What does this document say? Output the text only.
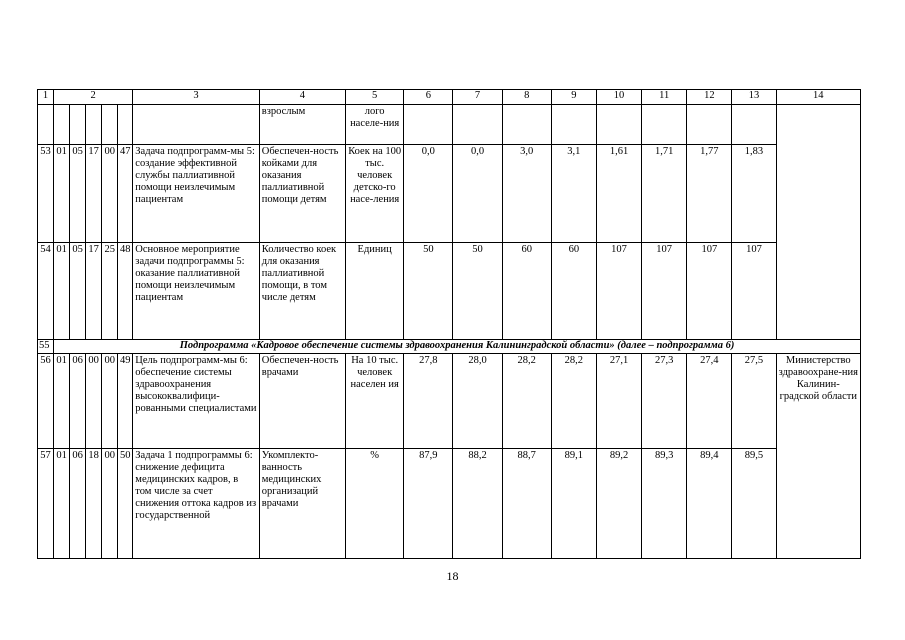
1	2					3	4	5	6	7	8	9	10	11	12	13	14
							взрослым	лого населе-ния									
53	01	05	17	00	47	Задача подпрограмм-мы 5: создание эффективной службы паллиативной помощи неизлечимым пациентам	Обеспечен-ность койками для оказания паллиативной помощи детям	Коек на 100 тыс. человек детско-го насе-ления	0,0	0,0	3,0	3,1	1,61	1,71	1,77	1,83	
54	01	05	17	25	48	Основное мероприятие задачи подпрограммы 5: оказание паллиативной помощи неизлечимым пациентам	Количество коек для оказания паллиативной помощи, в том числе детям	Единиц	50	50	60	60	107	107	107	107	
55	Подпрограмма «Кадровое обеспечение системы здравоохранения Калининградской области» (далее – подпрограмма 6)																
56	01	06	00	00	49	Цель подпрограмм-мы 6: обеспечение системы здравоохранения высококвалифици-рованными специалистами	Обеспечен-ность врачами	На 10 тыс. человек населен ия	27,8	28,0	28,2	28,2	27,1	27,3	27,4	27,5	Министерство здравоохране-ния Калинин-градской области
57	01	06	18	00	50	Задача 1 подпрограммы 6: снижение дефицита медицинских кадров, в том числе за счет снижения оттока кадров из государственной	Укомплекто-ванность медицинских организаций врачами	%	87,9	88,2	88,7	89,1	89,2	89,3	89,4	89,5	
18
